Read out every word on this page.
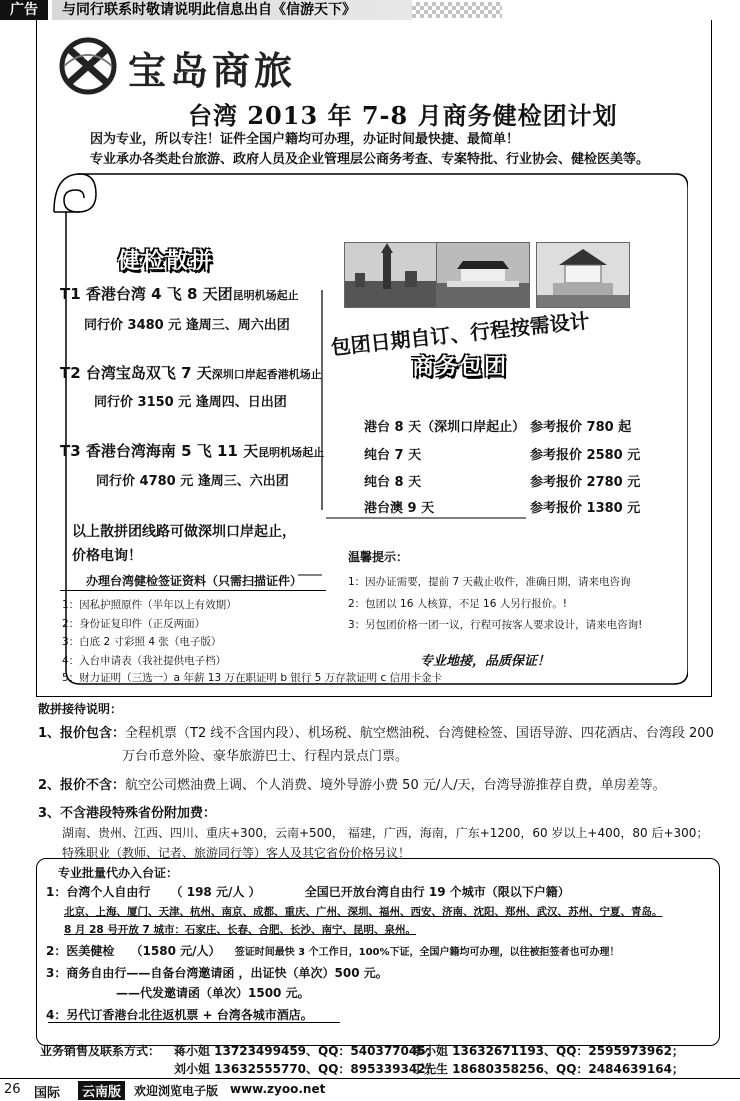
广告	与同行联系时敬请说明此信息出自《信游天下》
宝岛商旅
台湾 2013 年 7-8 月商务健检团计划
因为专业，所以专注！证件全国户籍均可办理，办证时间最快捷、最简单！
专业承办各类赴台旅游、政府人员及企业管理层公商务考查、专案特批、行业协会、健检医美等。
健检散拼
T1 香港台湾 4 飞 8 天团昆明机场起止
同行价 3480 元 逢周三、周六出团
T2 台湾宝岛双飞 7 天深圳口岸起香港机场止
同行价 3150 元 逢周四、日出团
T3 香港台湾海南 5 飞 11 天昆明机场起止
同行价 4780 元 逢周三、六出团
包团日期自订、行程按需设计
商务包团
港台 8 天（深圳口岸起止） 参考报价 780 起
纯台 7 天	参考报价 2580 元
纯台 8 天	参考报价 2780 元
港台澳 9 天	参考报价 1380 元
以上散拼团线路可做深圳口岸起止，
价格电询！
办理台湾健检签证资料（只需扫描证件）
1：因私护照原件（半年以上有效期）
2：身份证复印件（正反两面）
3：白底 2 寸彩照 4 张（电子版）
4：入台申请表（我社提供电子档）
5：财力证明（三选一）a 年薪 13 万在职证明 b 银行 5 万存款证明 c 信用卡金卡
温馨提示：
1：因办证需要，提前 7 天截止收件，准确日期，请来电咨询
2：包团以 16 人核算，不足 16 人另行报价。!
3：另包团价格一团一议，行程可按客人要求设计，请来电咨询!
专业地接，品质保证！
散拼接待说明：
1、报价包含：全程机票（T2 线不含国内段）、机场税、航空燃油税、台湾健检签、国语导游、四花酒店、台湾段 200
万台币意外险、豪华旅游巴士、行程内景点门票。
2、报价不含：航空公司燃油费上调、个人消费、境外导游小费 50 元/人/天，台湾导游推荐自费，单房差等。
3、不含港段特殊省份附加费：
湖南、贵州、江西、四川、重庆+300，云南+500， 福建，广西，海南，广东+1200，60 岁以上+400，80 后+300；
特殊职业（教师、记者、旅游同行等）客人及其它省份价格另议！
专业批量代办入台证：
1：台湾个人自由行 （ 198 元/人 ）	全国已开放台湾自由行 19 个城市（限以下户籍）
北京、上海、厦门、天津、杭州、南京、成都、重庆、广州、深圳、福州、西安、济南、沈阳、郑州、武汉、苏州、宁夏、青岛。
8 月 28 号开放 7 城市：石家庄、长春、合肥、长沙、南宁、昆明、泉州。
2：医美健检 （1580 元/人） 签证时间最快 3 个工作日，100%下证，全国户籍均可办理，以往被拒签者也可办理！
3：商务自由行——自备台湾邀请函 ，出证快（单次）500 元。
——代发邀请函（单次）1500 元。
4：另代订香港台北往返机票 + 台湾各城市酒店。
业务销售及联系方式： 蒋小姐 13723499459、QQ：540377045；
李小姐 13632671193、QQ：2595973962；
刘小姐 13632555770、QQ：895339342；
丁先生 18680358256、QQ：2484639164；
26 国际	云南版	欢迎浏览电子版 www.zyoo.net
